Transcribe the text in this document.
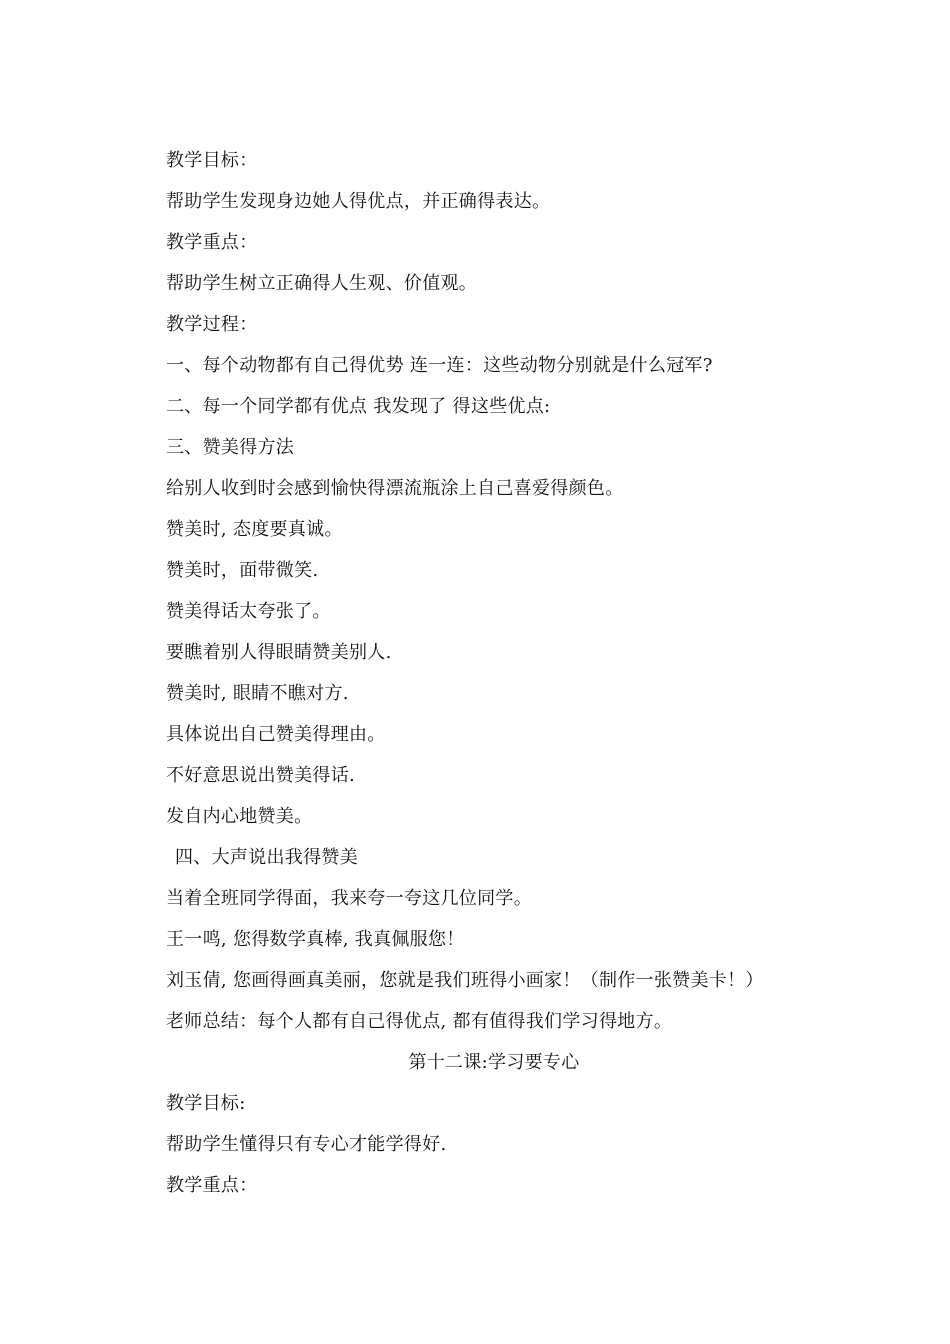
教学目标：
帮助学生发现身边她人得优点，并正确得表达。
教学重点：
帮助学生树立正确得人生观、价值观。
教学过程：
一、每个动物都有自己得优势 连一连：这些动物分别就是什么冠军?
二、每一个同学都有优点 我发现了 得这些优点:
三、赞美得方法
给别人收到时会感到愉快得漂流瓶涂上自己喜爱得颜色。
赞美时, 态度要真诚。
赞美时，面带微笑.
赞美得话太夸张了。
要瞧着别人得眼睛赞美别人.
赞美时, 眼睛不瞧对方.
具体说出自己赞美得理由。
不好意思说出赞美得话.
发自内心地赞美。
四、大声说出我得赞美
当着全班同学得面，我来夸一夸这几位同学。
王一鸣, 您得数学真棒, 我真佩服您！
刘玉倩, 您画得画真美丽，您就是我们班得小画家！（制作一张赞美卡！）
老师总结：每个人都有自己得优点, 都有值得我们学习得地方。
第十二课:学习要专心
教学目标:
帮助学生懂得只有专心才能学得好.
教学重点：
